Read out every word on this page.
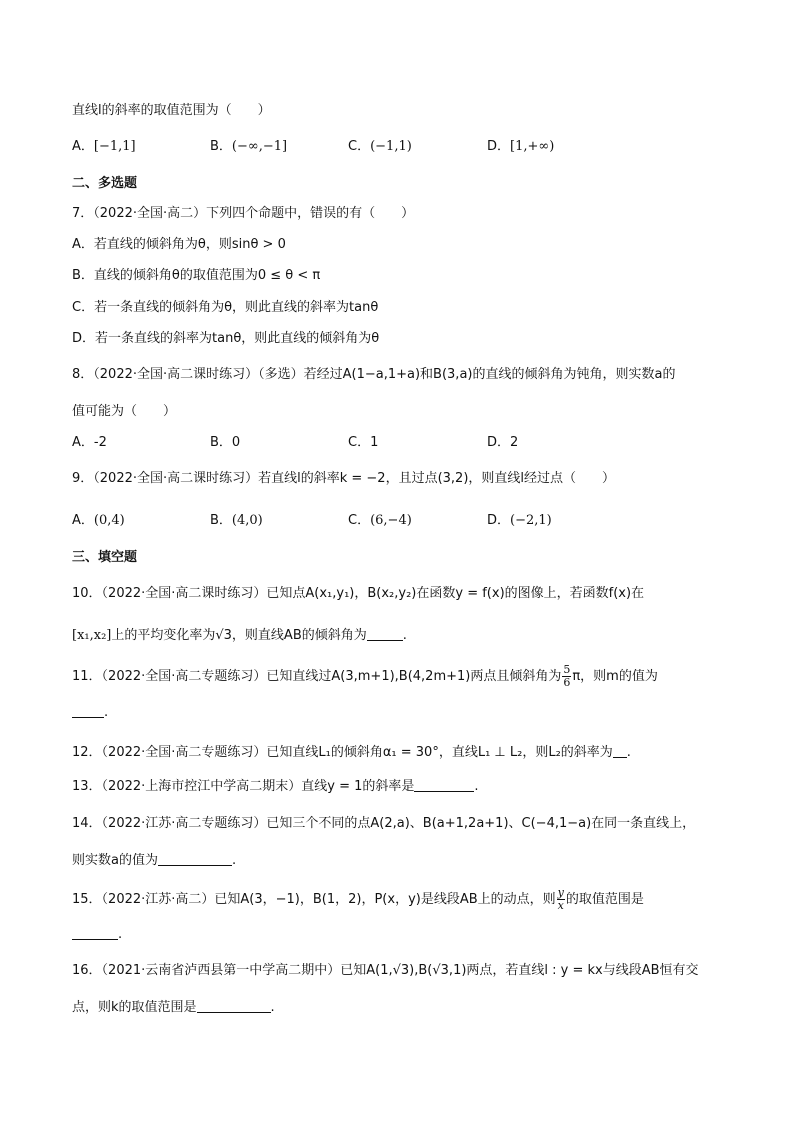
直线l的斜率的取值范围为（　　）
A．[−1,1]	B．(−∞,−1]	C．(−1,1)	D．[1,+∞)
二、多选题
7．（2022·全国·高二）下列四个命题中，错误的有（　　）
A．若直线的倾斜角为θ，则sinθ > 0
B．直线的倾斜角θ的取值范围为0 ≤ θ < π
C．若一条直线的倾斜角为θ，则此直线的斜率为tanθ
D．若一条直线的斜率为tanθ，则此直线的倾斜角为θ
8．（2022·全国·高二课时练习）（多选）若经过A(1−a,1+a)和B(3,a)的直线的倾斜角为钝角，则实数a的
值可能为（　　）
A．-2	B．0	C．1	D．2
9．（2022·全国·高二课时练习）若直线l的斜率k = −2，且过点(3,2)，则直线l经过点（　　）
A．(0,4)	B．(4,0)	C．(6,−4)	D．(−2,1)
三、填空题
10．（2022·全国·高二课时练习）已知点A(x₁,y₁)，B(x₂,y₂)在函数y = f(x)的图像上，若函数f(x)在
[x₁,x₂]上的平均变化率为√3，则直线AB的倾斜角为	.
11．（2022·全国·高二专题练习）已知直线过A(3,m+1),B(4,2m+1)两点且倾斜角为 $\frac{5}{6}$ π，则m的值为
.
12．（2022·全国·高二专题练习）已知直线L₁的倾斜角α₁ = 30°，直线L₁ ⊥ L₂，则L₂的斜率为 .
13．（2022·上海市控江中学高二期末）直线y = 1的斜率是	.
14．（2022·江苏·高二专题练习）已知三个不同的点A(2,a)、B(a+1,2a+1)、C(−4,1−a)在同一条直线上，
则实数a的值为	.
15．（2022·江苏·高二）已知A(3，−1)，B(1，2)，P(x，y)是线段AB上的动点，则 $\frac{y}{x}$ 的取值范围是
.
16．（2021·云南省泸西县第一中学高二期中）已知A(1,√3),B(√3,1)两点，若直线l : y = kx与线段AB恒有交
点，则k的取值范围是	.
